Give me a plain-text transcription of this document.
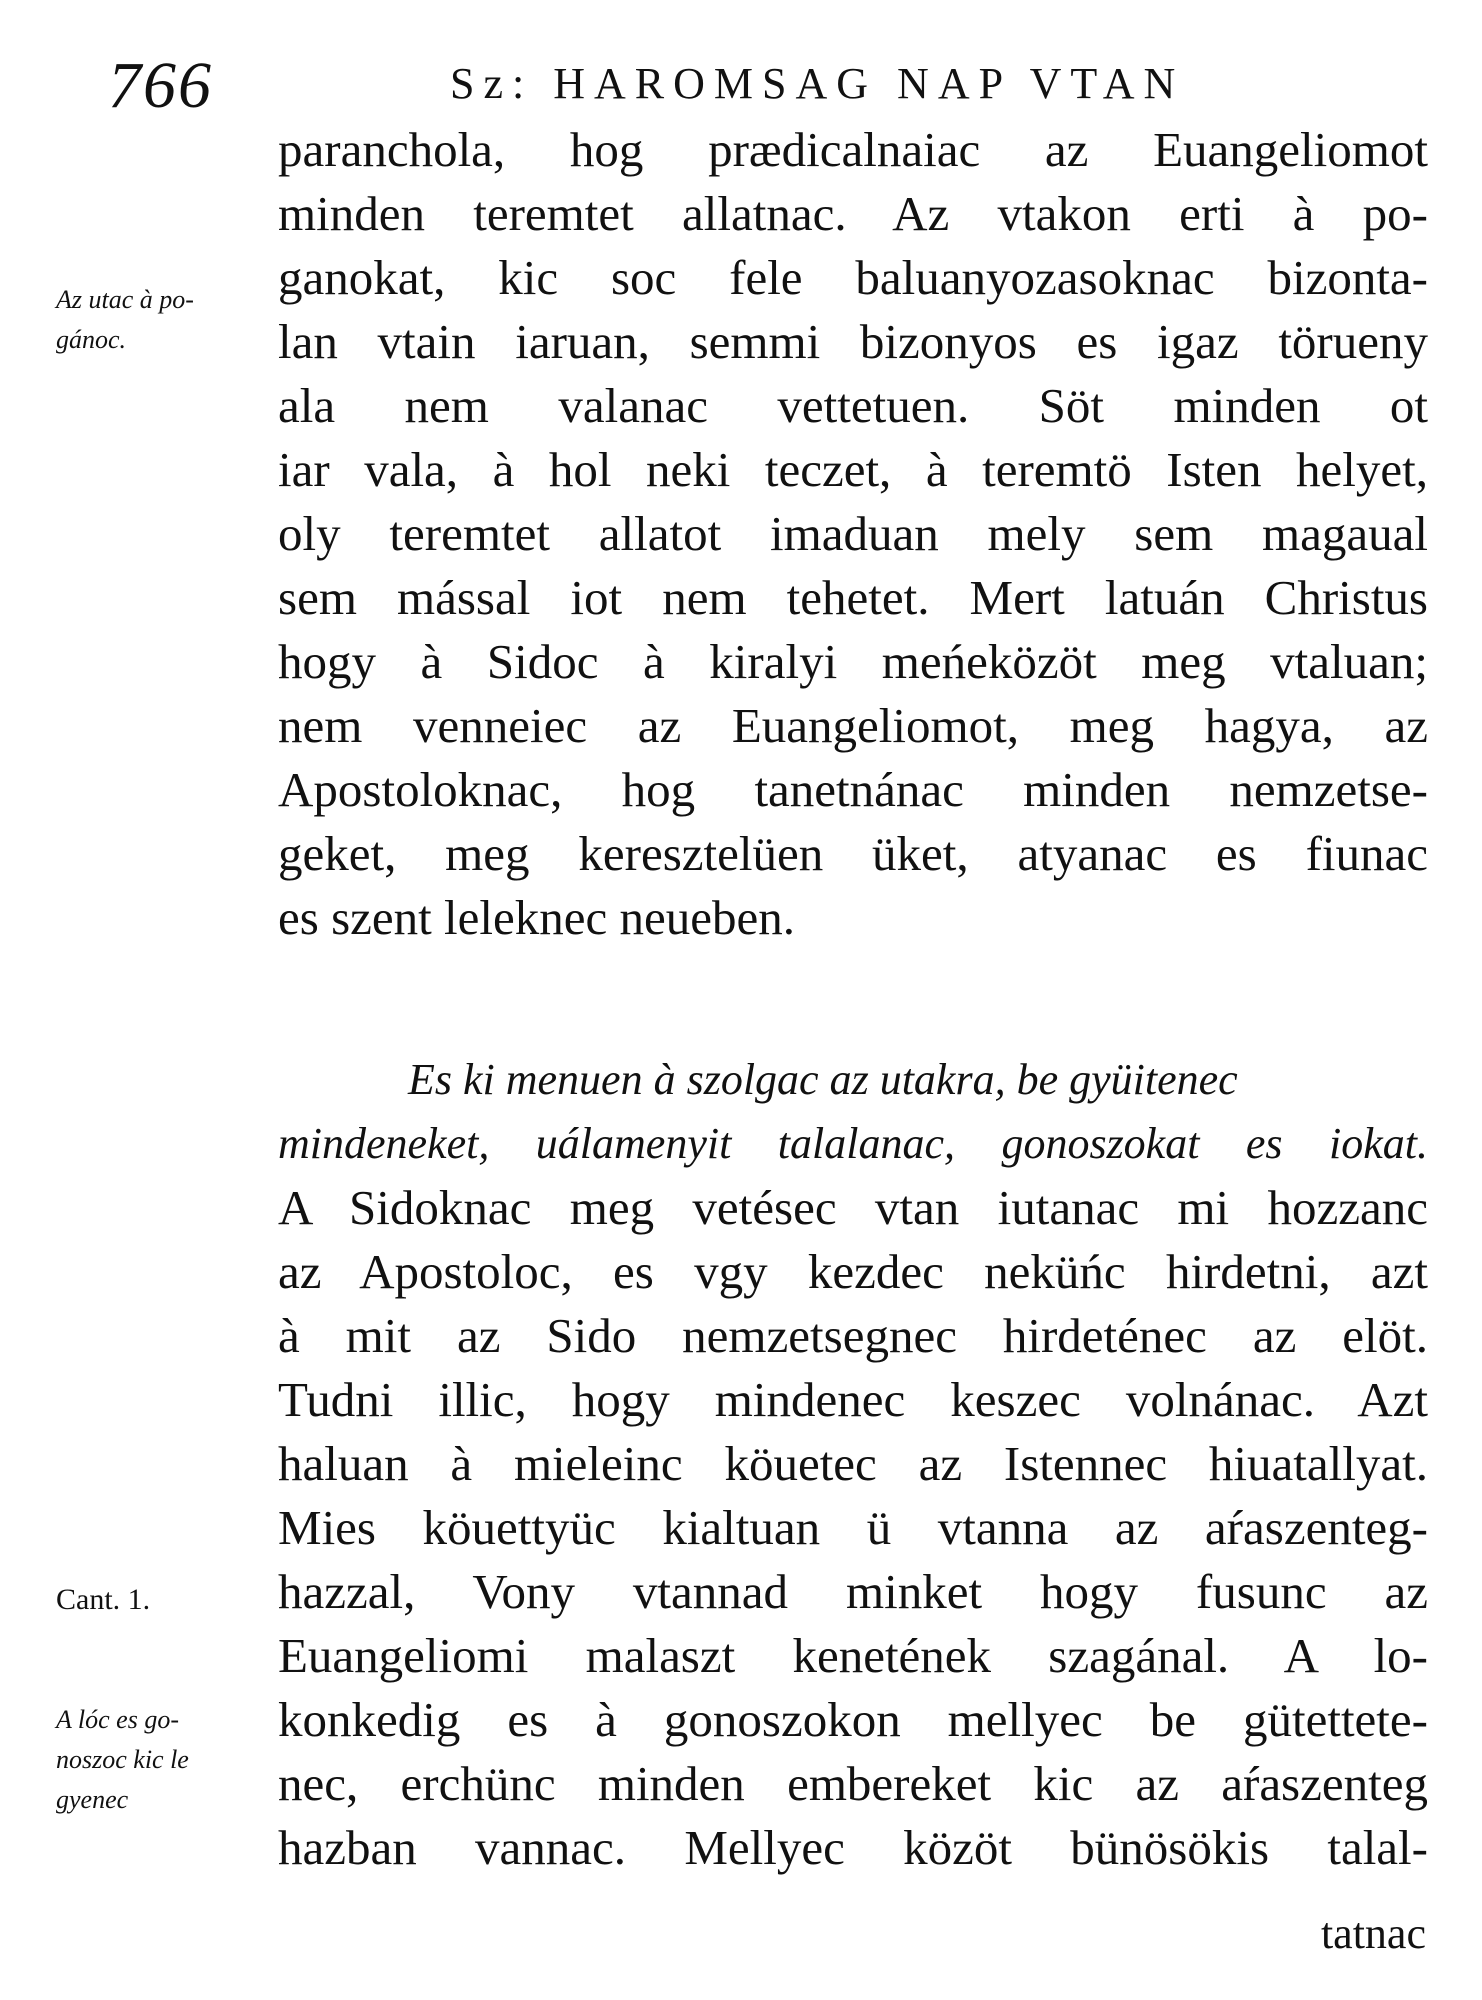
766	Sz: HAROMSAG NAP VTAN
paranchola, hog prædicalnaiac az Euangeliomot
minden teremtet allatnac. Az vtakon erti à po-
ganokat, kic soc fele baluanyozasoknac bizonta-
lan vtain iaruan, semmi bizonyos es igaz törueny
ala nem valanac vettetuen. Söt minden ot
iar vala, à hol neki teczet, à teremtö Isten helyet,
oly teremtet allatot imaduan mely sem magaual
sem mással iot nem tehetet. Mert latuán Christus
hogy à Sidoc à kiralyi meńeközöt meg vtaluan;
nem venneiec az Euangeliomot, meg hagya, az
Apostoloknac, hog tanetnánac minden nemzetse-
geket, meg keresztelüen üket, atyanac es fiunac
es szent leleknec neueben.
Az utac à po-
gánoc.
Es ki menuen à szolgac az utakra, be gyüitenec
mindeneket, uálamenyit talalanac, gonoszokat es iokat.
A Sidoknac meg vetésec vtan iutanac mi hozzanc
az Apostoloc, es vgy kezdec neküńc hirdetni, azt
à mit az Sido nemzetsegnec hirdeténec az elöt.
Tudni illic, hogy mindenec keszec volnánac. Azt
haluan à mieleinc köuetec az Istennec hiuatallyat.
Mies köuettyüc kialtuan ü vtanna az aŕaszenteg-
hazzal, Vony vtannad minket hogy fusunc az
Euangeliomi malaszt kenetének szagánal. A lo-
konkedig es à gonoszokon mellyec be gütettete-
nec, erchünc minden embereket kic az aŕaszenteg
hazban vannac. Mellyec közöt bünösökis talal-
Cant. 1.
A lóc es go-
noszoc kic le
gyenec
tatnac
